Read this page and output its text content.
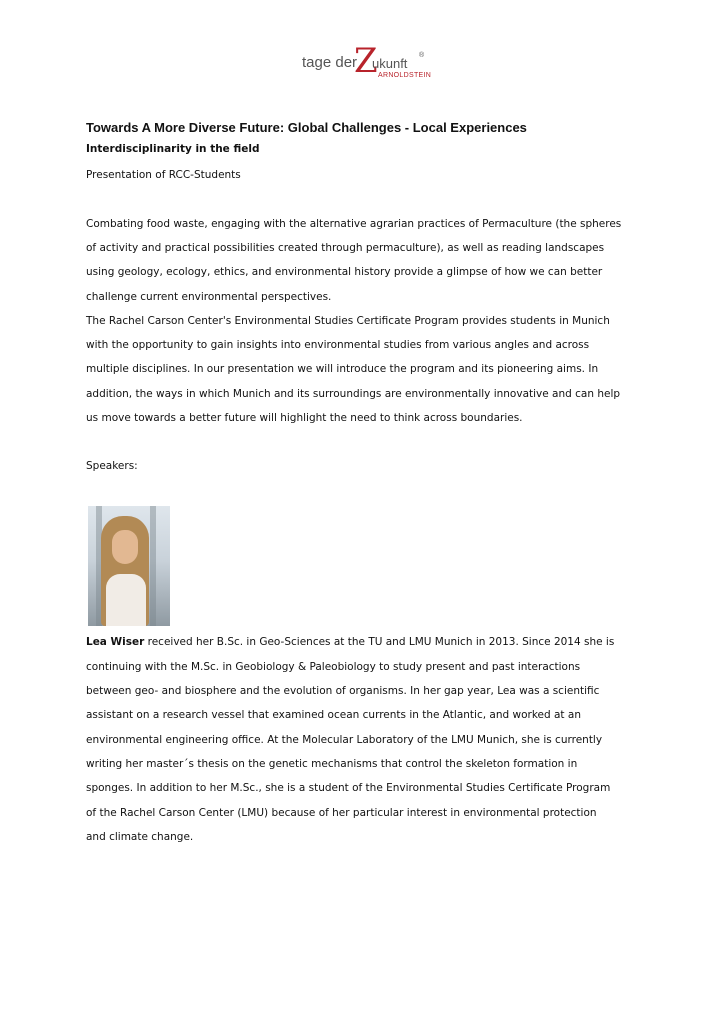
tage der
Z
ukunft
®
ARNOLDSTEIN
Towards A More Diverse Future: Global Challenges - Local Experiences
Interdisciplinarity in the field
Presentation of RCC-Students
Combating food waste, engaging with the alternative agrarian practices of Permaculture (the spheres
of activity and practical possibilities created through permaculture), as well as reading landscapes
using geology, ecology, ethics, and environmental history provide a glimpse of how we can better
challenge current environmental perspectives.
The Rachel Carson Center's Environmental Studies Certificate Program provides students in Munich
with the opportunity to gain insights into environmental studies from various angles and across
multiple disciplines. In our presentation we will introduce the program and its pioneering aims. In
addition, the ways in which Munich and its surroundings are environmentally innovative and can help
us move towards a better future will highlight the need to think across boundaries.
Speakers:
Lea Wiser received her B.Sc. in Geo-Sciences at the TU and LMU Munich in 2013. Since 2014 she is
continuing with the M.Sc. in Geobiology & Paleobiology to study present and past interactions
between geo- and biosphere and the evolution of organisms. In her gap year, Lea was a scientific
assistant on a research vessel that examined ocean currents in the Atlantic, and worked at an
environmental engineering office. At the Molecular Laboratory of the LMU Munich, she is currently
writing her master´s thesis on the genetic mechanisms that control the skeleton formation in
sponges. In addition to her M.Sc., she is a student of the Environmental Studies Certificate Program
of the Rachel Carson Center (LMU) because of her particular interest in environmental protection
and climate change.
